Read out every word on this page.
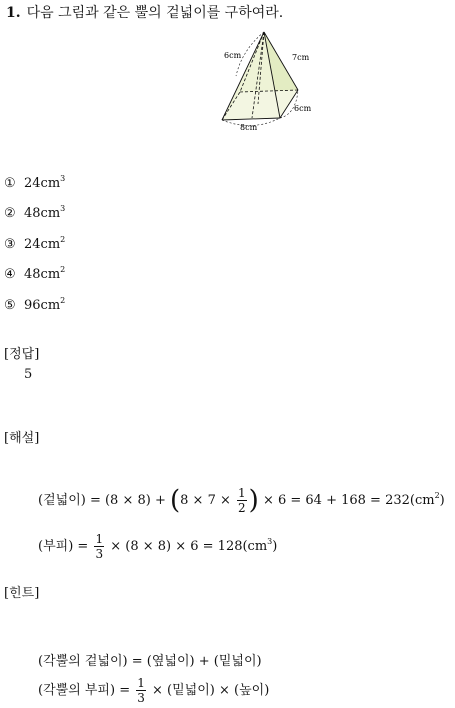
1. 다음 그림과 같은 뿔의 겉넓이를 구하여라.
6cm	7cm
6cm
8cm
① $24cm^3$
② $48cm^3$
③ $24cm^2$
④ $48cm^2$
⑤ $96cm^2$
[정답]
5
[해설]
(겉넓이) = $(8 \times 8) + (8 \times 7 \times \frac{1}{2}$ ) × $6 = 64 + 168 = 232(cm^2)$
(부피) = $\frac{1}{3} \times (8 \times 8) \times 6 = 128(cm^3)$
[힌트]
(각뿔의 겉넓이) = (옆넓이) + (밑넓이)
(각뿔의 부피) = $\frac{1}{3}$ × (밑넓이) × (높이)
